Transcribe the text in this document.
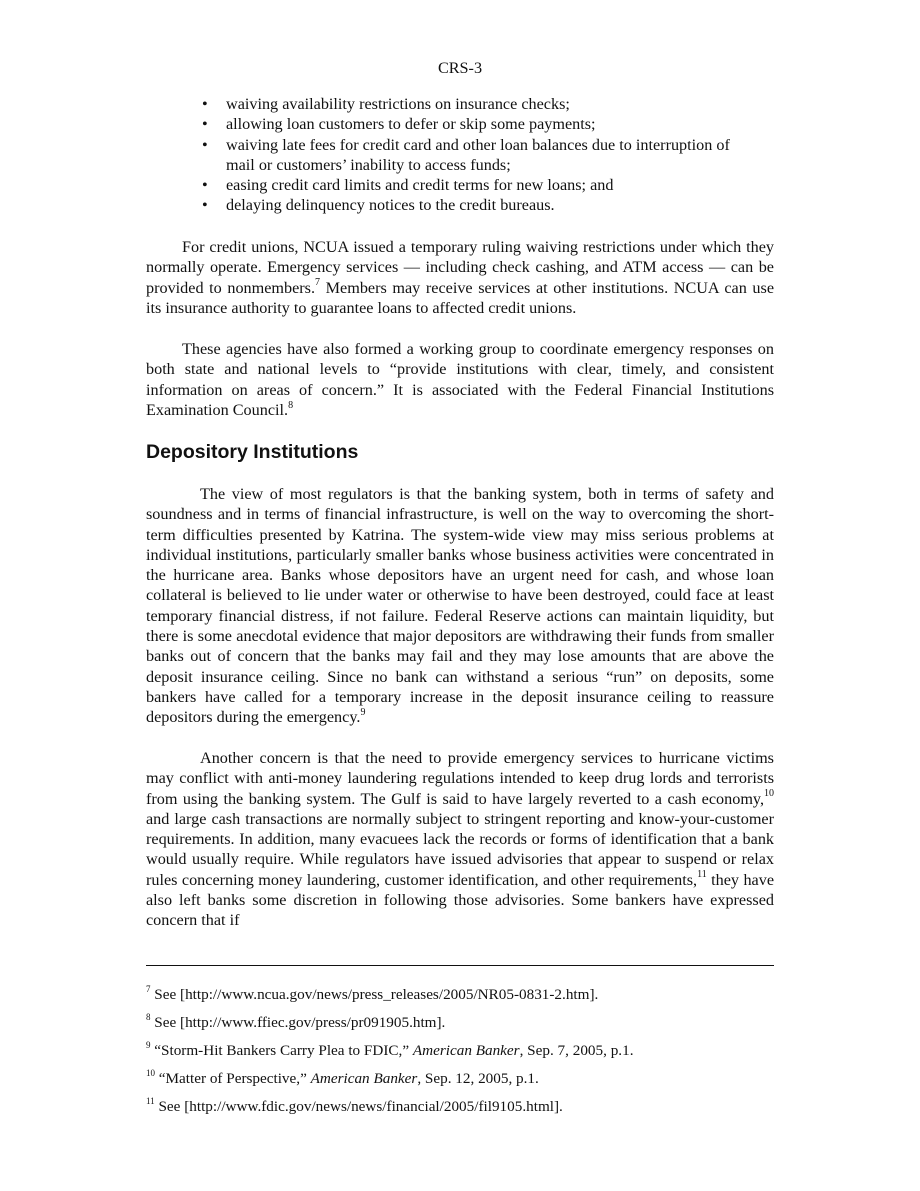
CRS-3
• waiving availability restrictions on insurance checks;
• allowing loan customers to defer or skip some payments;
• waiving late fees for credit card and other loan balances due to interruption of mail or customers’ inability to access funds;
• easing credit card limits and credit terms for new loans; and
• delaying delinquency notices to the credit bureaus.

For credit unions, NCUA issued a temporary ruling waiving restrictions under which they normally operate. Emergency services — including check cashing, and ATM access — can be provided to nonmembers.$^7$ Members may receive services at other institutions. NCUA can use its insurance authority to guarantee loans to affected credit unions.

These agencies have also formed a working group to coordinate emergency responses on both state and national levels to “provide institutions with clear, timely, and consistent information on areas of concern.” It is associated with the Federal Financial Institutions Examination Council.$^8$

Depository Institutions

The view of most regulators is that the banking system, both in terms of safety and soundness and in terms of financial infrastructure, is well on the way to overcoming the short-term difficulties presented by Katrina. The system-wide view may miss serious problems at individual institutions, particularly smaller banks whose business activities were concentrated in the hurricane area. Banks whose depositors have an urgent need for cash, and whose loan collateral is believed to lie under water or otherwise to have been destroyed, could face at least temporary financial distress, if not failure. Federal Reserve actions can maintain liquidity, but there is some anecdotal evidence that major depositors are withdrawing their funds from smaller banks out of concern that the banks may fail and they may lose amounts that are above the deposit insurance ceiling. Since no bank can withstand a serious “run” on deposits, some bankers have called for a temporary increase in the deposit insurance ceiling to reassure depositors during the emergency.$^9$

Another concern is that the need to provide emergency services to hurricane victims may conflict with anti-money laundering regulations intended to keep drug lords and terrorists from using the banking system. The Gulf is said to have largely reverted to a cash economy,$^{10}$ and large cash transactions are normally subject to stringent reporting and know-your-customer requirements. In addition, many evacuees lack the records or forms of identification that a bank would usually require. While regulators have issued advisories that appear to suspend or relax rules concerning money laundering, customer identification, and other requirements,$^{11}$ they have also left banks some discretion in following those advisories. Some bankers have expressed concern that if

$^7$ See [http://www.ncua.gov/news/press_releases/2005/NR05-0831-2.htm].
$^8$ See [http://www.ffiec.gov/press/pr091905.htm].
$^9$ “Storm-Hit Bankers Carry Plea to FDIC,” American Banker, Sep. 7, 2005, p.1.
$^{10}$ “Matter of Perspective,” American Banker, Sep. 12, 2005, p.1.
$^{11}$ See [http://www.fdic.gov/news/news/financial/2005/fil9105.html].
